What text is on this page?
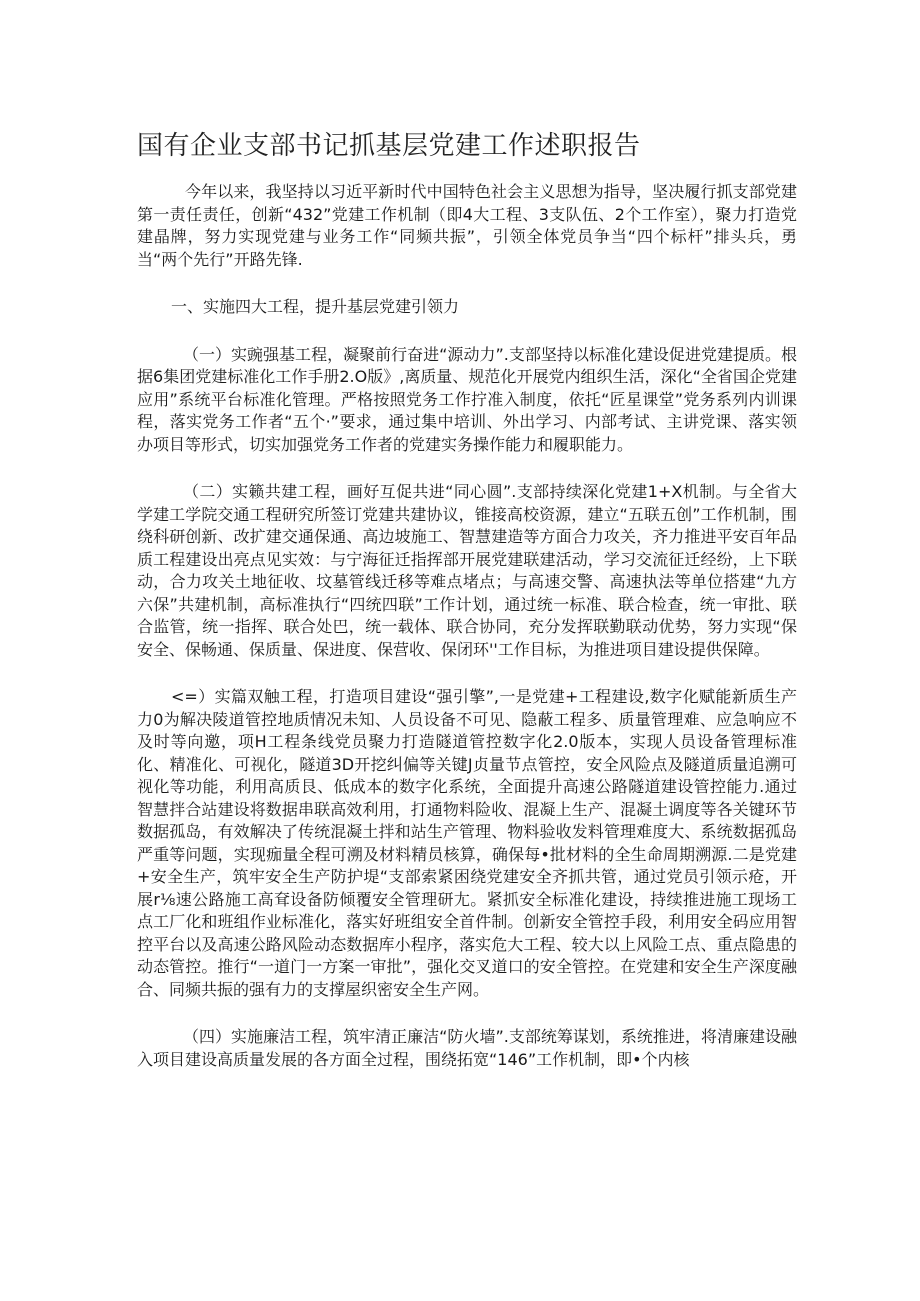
国有企业支部书记抓基层党建工作述职报告

今年以来，我坚持以习近平新时代中国特色社会主义思想为指导，坚决履行抓支部党建第一责任责任，创新“432”党建工作机制（即4大工程、3支队伍、2个工作室），聚力打造党建晶牌，努力实现党建与业务工作“同频共振”，引领全体党员争当“四个标杆”排头兵，勇当“两个先行”开路先锋.

一、实施四大工程，提升基层党建引领力

（一）实豌强基工程，凝聚前行奋进“源动力”.支部坚持以标准化建设促进党建提质。根据6集团党建标准化工作手册2.O版》,离质量、规范化开展党内组织生活，深化“全省国企党建应用”系统平台标准化管理。严格按照党务工作拧准入制度，依托“匠星课堂”党务系列内训课程，落实党务工作者“五个·”要求，通过集中培训、外出学习、内部考试、主讲党课、落实领办项目等形式，切实加强党务工作者的党建实务操作能力和履职能力。

（二）实籁共建工程，画好互促共进“同心圆”.支部持续深化党建1+X机制。与全省大学建工学院交通工程研究所签订党建共建协议，锥接高校资源，建立“五联五创”工作机制，围绕科研创新、改扩建交通保通、高边坡施工、智慧建造等方面合力攻关，齐力推进平安百年品质工程建设出亮点见实效：与宁海征迁指挥部开展党建联建活动，学习交流征迁经纷，上下联动，合力攻关土地征收、坟墓管线迁移等难点堵点；与高速交警、高速执法等单位搭建“九方六保”共建机制，高标准执行“四统四联”工作计划，通过统一标准、联合检查，统一审批、联合监管，统一指挥、联合处巴，统一载体、联合协同，充分发挥联勤联动优势，努力实现“保安全、保畅通、保质量、保进度、保营收、保闭环''工作目标，为推进项目建设提供保障。

<=）实篇双触工程，打造项目建设“强引擎”,一是党建+工程建设,数字化赋能新质生产力0为解决陵道管控地质情况未知、人员设备不可见、隐蔽工程多、质量管理难、应急响应不及时等向邀，项H工程条线党员聚力打造隧道管控数字化2.0版本，实现人员设备管理标准化、精准化、可视化，隧道3D开挖纠偏等关键J贞量节点管控，安全风险点及隧道质量追溯可视化等功能，利用高质艮、低成本的数字化系统，全面提升高速公路隧道建设管控能力.通过智慧拌合站建设将数据串联高效利用，打通物料险收、混凝上生产、混凝土调度等各关键环节数据孤岛，有效解决了传统混凝土拌和站生产管理、物料验收发料管理难度大、系统数据孤岛严重等问题，实现痂量全程可溯及材料精员核算，确保每•批材料的全生命周期溯源.二是党建+安全生产，筑牢安全生产防护堤“支部索紧困绕党建安全齐抓共管，通过党员引领示疮，开展r⅛速公路施工高耷设备防倾覆安全管理研尢。紧抓安全标准化建设，持续推进施工现场工点工厂化和班组作业标准化，落实好班组安全首件制。创新安全管控手段，利用安全码应用智控平台以及高速公路风险动态数据库小程序，落实危大工程、较大以上风险工点、重点隐患的动态管控。推行“一道门一方案一审批”，强化交叉道口的安全管控。在党建和安全生产深度融合、同频共振的强有力的支撑屋织密安全生产网。

（四）实施廉洁工程，筑牢清正廉洁“防火墙”.支部统筹谋划，系统推进，将清廉建设融入项目建设高质量发展的各方面全过程，围绕拓宽“146”工作机制，即•个内核
